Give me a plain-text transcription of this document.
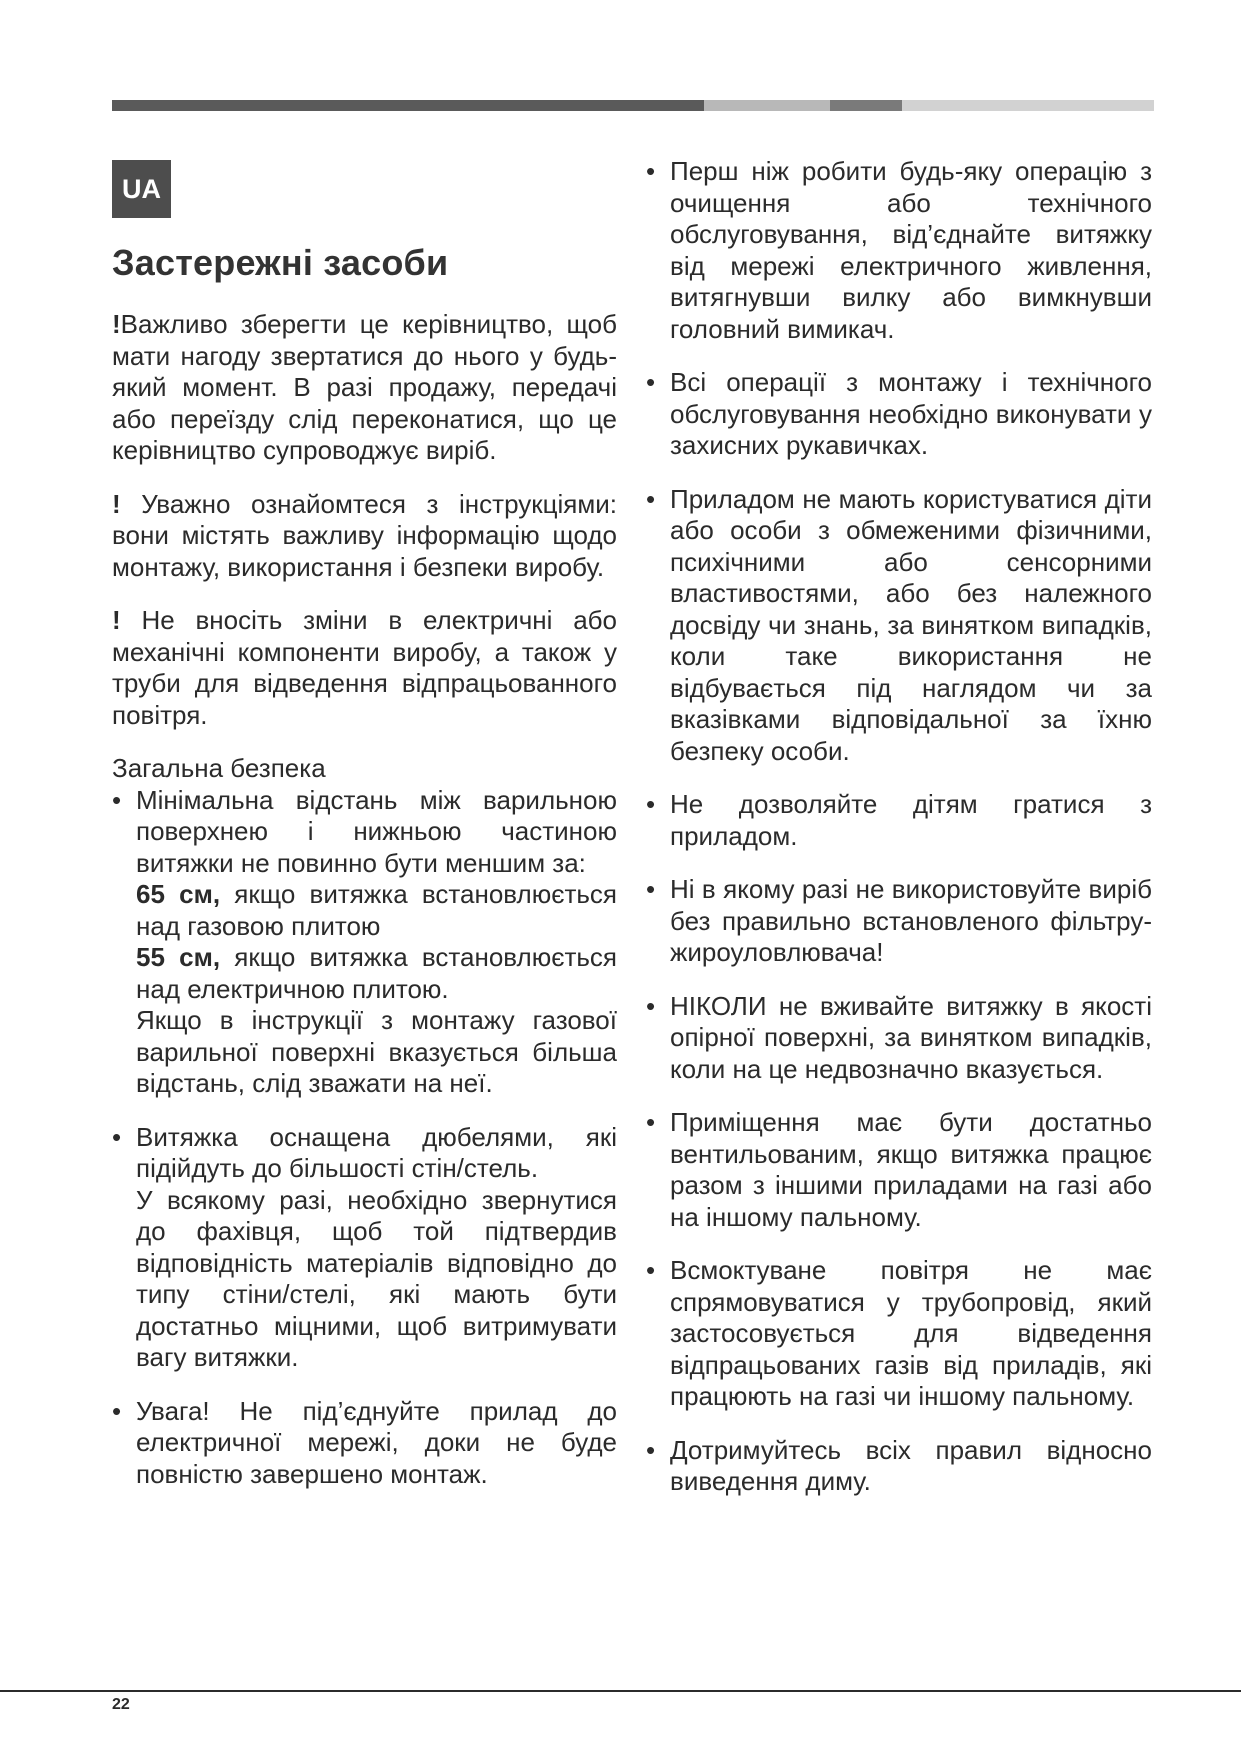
UA
Застережні засоби

!Важливо зберегти це керівництво, щоб мати нагоду звертатися до нього у будь-який момент. В разі продажу, передачі або переїзду слід переконатися, що це керівництво супроводжує виріб.

! Уважно ознайомтеся з інструкціями: вони містять важливу інформацію щодо монтажу, використання і безпеки виробу.

! Не вносіть зміни в електричні або механічні компоненти виробу, а також у труби для відведення відпрацьованного повітря.

Загальна безпека

• Мінімальна відстань між варильною поверхнею і нижньою частиною витяжки не повинно бути меншим за:
65 см, якщо витяжка встановлюється над газовою плитою
55 см, якщо витяжка встановлюється над електричною плитою.
Якщо в інструкції з монтажу газової варильної поверхні вказується більша відстань, слід зважати на неї.
• Витяжка оснащена дюбелями, які підійдуть до більшості стін/стель.
У всякому разі, необхідно звернутися до фахівця, щоб той підтвердив відповідність матеріалів відповідно до типу стіни/стелі, які мають бути достатньо міцними, щоб витримувати вагу витяжки.
• Увага! Не під’єднуйте прилад до електричної мережі, доки не буде повністю завершено монтаж.
• Перш ніж робити будь-яку операцію з очищення або технічного обслуговування, від’єднайте витяжку від мережі електричного живлення, витягнувши вилку або вимкнувши головний вимикач.
• Всі операції з монтажу і технічного обслуговування необхідно виконувати у захисних рукавичках.
• Приладом не мають користуватися діти або особи з обмеженими фізичними, психічними або сенсорними властивостями, або без належного досвіду чи знань, за винятком випадків, коли таке використання не відбувається під наглядом чи за вказівками відповідальної за їхню безпеку особи.
• Не дозволяйте дітям гратися з приладом.
• Ні в якому разі не використовуйте виріб без правильно встановленого фільтру-жироуловлювача!
• НІКОЛИ не вживайте витяжку в якості опірної поверхні, за винятком випадків, коли на це недвозначно вказується.
• Приміщення має бути достатньо вентильованим, якщо витяжка працює разом з іншими приладами на газі або на іншому пальному.
• Всмоктуване повітря не має спрямовуватися у трубопровід, який застосовується для відведення відпрацьованих газів від приладів, які працюють на газі чи іншому пальному.
• Дотримуйтесь всіх правил відносно виведення диму.
22
